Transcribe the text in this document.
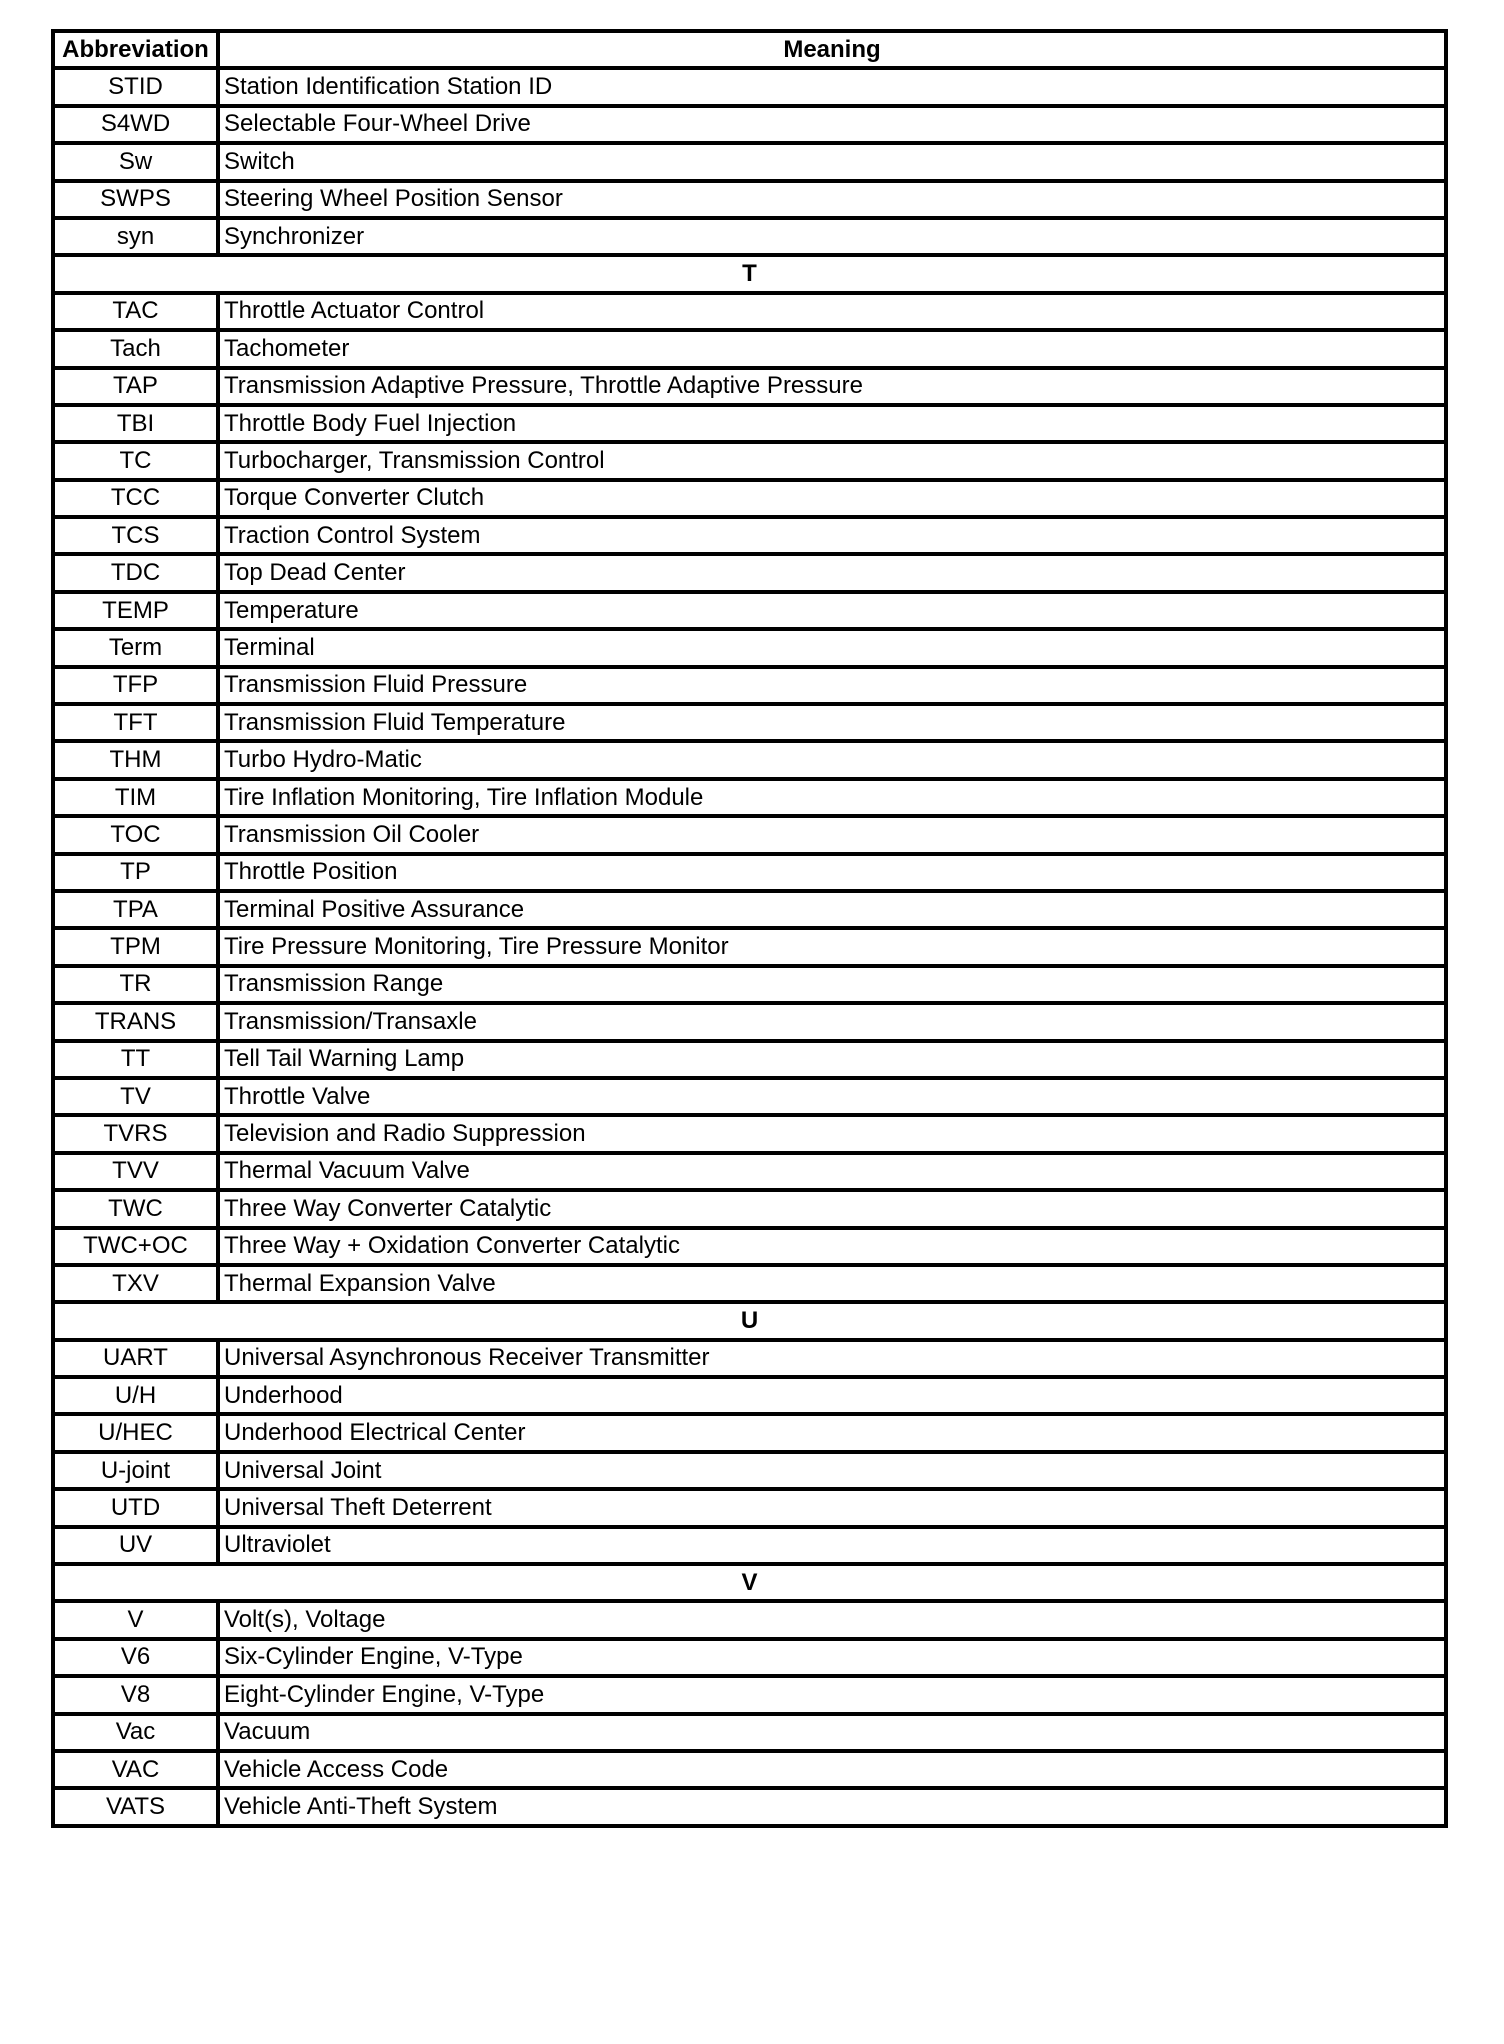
Abbreviation	Meaning
STID	Station Identification Station ID
S4WD	Selectable Four-Wheel Drive
Sw	Switch
SWPS	Steering Wheel Position Sensor
syn	Synchronizer
T	
TAC	Throttle Actuator Control
Tach	Tachometer
TAP	Transmission Adaptive Pressure, Throttle Adaptive Pressure
TBI	Throttle Body Fuel Injection
TC	Turbocharger, Transmission Control
TCC	Torque Converter Clutch
TCS	Traction Control System
TDC	Top Dead Center
TEMP	Temperature
Term	Terminal
TFP	Transmission Fluid Pressure
TFT	Transmission Fluid Temperature
THM	Turbo Hydro-Matic
TIM	Tire Inflation Monitoring, Tire Inflation Module
TOC	Transmission Oil Cooler
TP	Throttle Position
TPA	Terminal Positive Assurance
TPM	Tire Pressure Monitoring, Tire Pressure Monitor
TR	Transmission Range
TRANS	Transmission/Transaxle
TT	Tell Tail Warning Lamp
TV	Throttle Valve
TVRS	Television and Radio Suppression
TVV	Thermal Vacuum Valve
TWC	Three Way Converter Catalytic
TWC+OC	Three Way + Oxidation Converter Catalytic
TXV	Thermal Expansion Valve
U	
UART	Universal Asynchronous Receiver Transmitter
U/H	Underhood
U/HEC	Underhood Electrical Center
U-joint	Universal Joint
UTD	Universal Theft Deterrent
UV	Ultraviolet
V	
V	Volt(s), Voltage
V6	Six-Cylinder Engine, V-Type
V8	Eight-Cylinder Engine, V-Type
Vac	Vacuum
VAC	Vehicle Access Code
VATS	Vehicle Anti-Theft System
